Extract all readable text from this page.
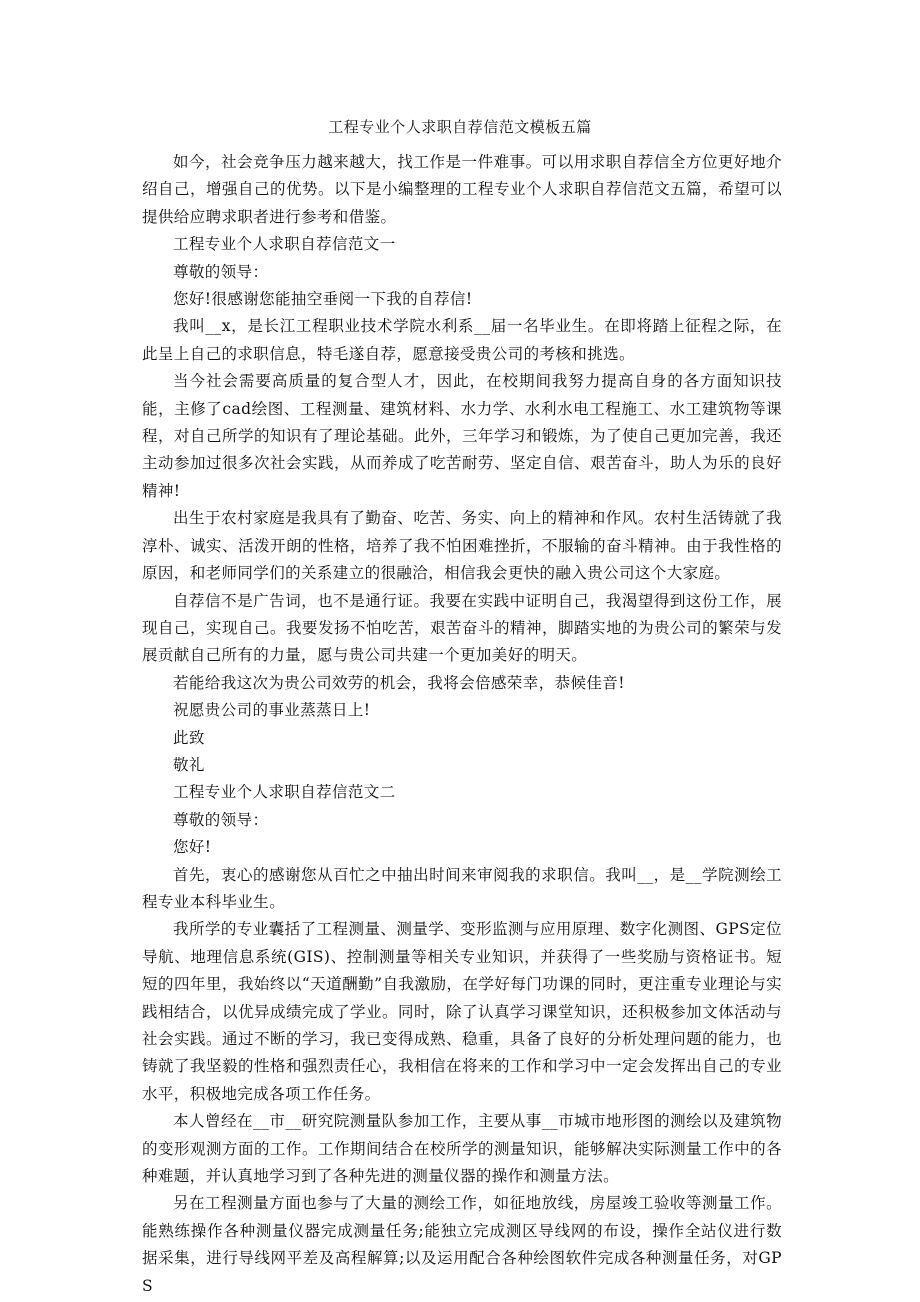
工程专业个人求职自荐信范文模板五篇

如今，社会竞争压力越来越大，找工作是一件难事。可以用求职自荐信全方位更好地介绍自己，增强自己的优势。以下是小编整理的工程专业个人求职自荐信范文五篇，希望可以提供给应聘求职者进行参考和借鉴。

工程专业个人求职自荐信范文一

尊敬的领导：

您好!很感谢您能抽空垂阅一下我的自荐信!

我叫__x，是长江工程职业技术学院水利系__届一名毕业生。在即将踏上征程之际，在此呈上自己的求职信息，特毛遂自荐，愿意接受贵公司的考核和挑选。

当今社会需要高质量的复合型人才，因此，在校期间我努力提高自身的各方面知识技能，主修了cad绘图、工程测量、建筑材料、水力学、水利水电工程施工、水工建筑物等课程，对自己所学的知识有了理论基础。此外，三年学习和锻炼，为了使自己更加完善，我还主动参加过很多次社会实践，从而养成了吃苦耐劳、坚定自信、艰苦奋斗，助人为乐的良好精神!

出生于农村家庭是我具有了勤奋、吃苦、务实、向上的精神和作风。农村生活铸就了我淳朴、诚实、活泼开朗的性格，培养了我不怕困难挫折，不服输的奋斗精神。由于我性格的原因，和老师同学们的关系建立的很融洽，相信我会更快的融入贵公司这个大家庭。

自荐信不是广告词，也不是通行证。我要在实践中证明自己，我渴望得到这份工作，展现自己，实现自己。我要发扬不怕吃苦，艰苦奋斗的精神，脚踏实地的为贵公司的繁荣与发展贡献自己所有的力量，愿与贵公司共建一个更加美好的明天。

若能给我这次为贵公司效劳的机会，我将会倍感荣幸，恭候佳音!

祝愿贵公司的事业蒸蒸日上!

此致

敬礼

工程专业个人求职自荐信范文二

尊敬的领导：

您好!

首先，衷心的感谢您从百忙之中抽出时间来审阅我的求职信。我叫__，是__学院测绘工程专业本科毕业生。

我所学的专业囊括了工程测量、测量学、变形监测与应用原理、数字化测图、GPS定位导航、地理信息系统(GIS)、控制测量等相关专业知识，并获得了一些奖励与资格证书。短短的四年里，我始终以“天道酬勤”自我激励，在学好每门功课的同时，更注重专业理论与实践相结合，以优异成绩完成了学业。同时，除了认真学习课堂知识，还积极参加文体活动与社会实践。通过不断的学习，我已变得成熟、稳重，具备了良好的分析处理问题的能力，也铸就了我坚毅的性格和强烈责任心，我相信在将来的工作和学习中一定会发挥出自己的专业水平，积极地完成各项工作任务。

本人曾经在__市__研究院测量队参加工作，主要从事__市城市地形图的测绘以及建筑物的变形观测方面的工作。工作期间结合在校所学的测量知识，能够解决实际测量工作中的各种难题，并认真地学习到了各种先进的测量仪器的操作和测量方法。

另在工程测量方面也参与了大量的测绘工作，如征地放线，房屋竣工验收等测量工作。能熟练操作各种测量仪器完成测量任务;能独立完成测区导线网的布设，操作全站仪进行数据采集，进行导线网平差及高程解算;以及运用配合各种绘图软件完成各种测量任务，对GPS
